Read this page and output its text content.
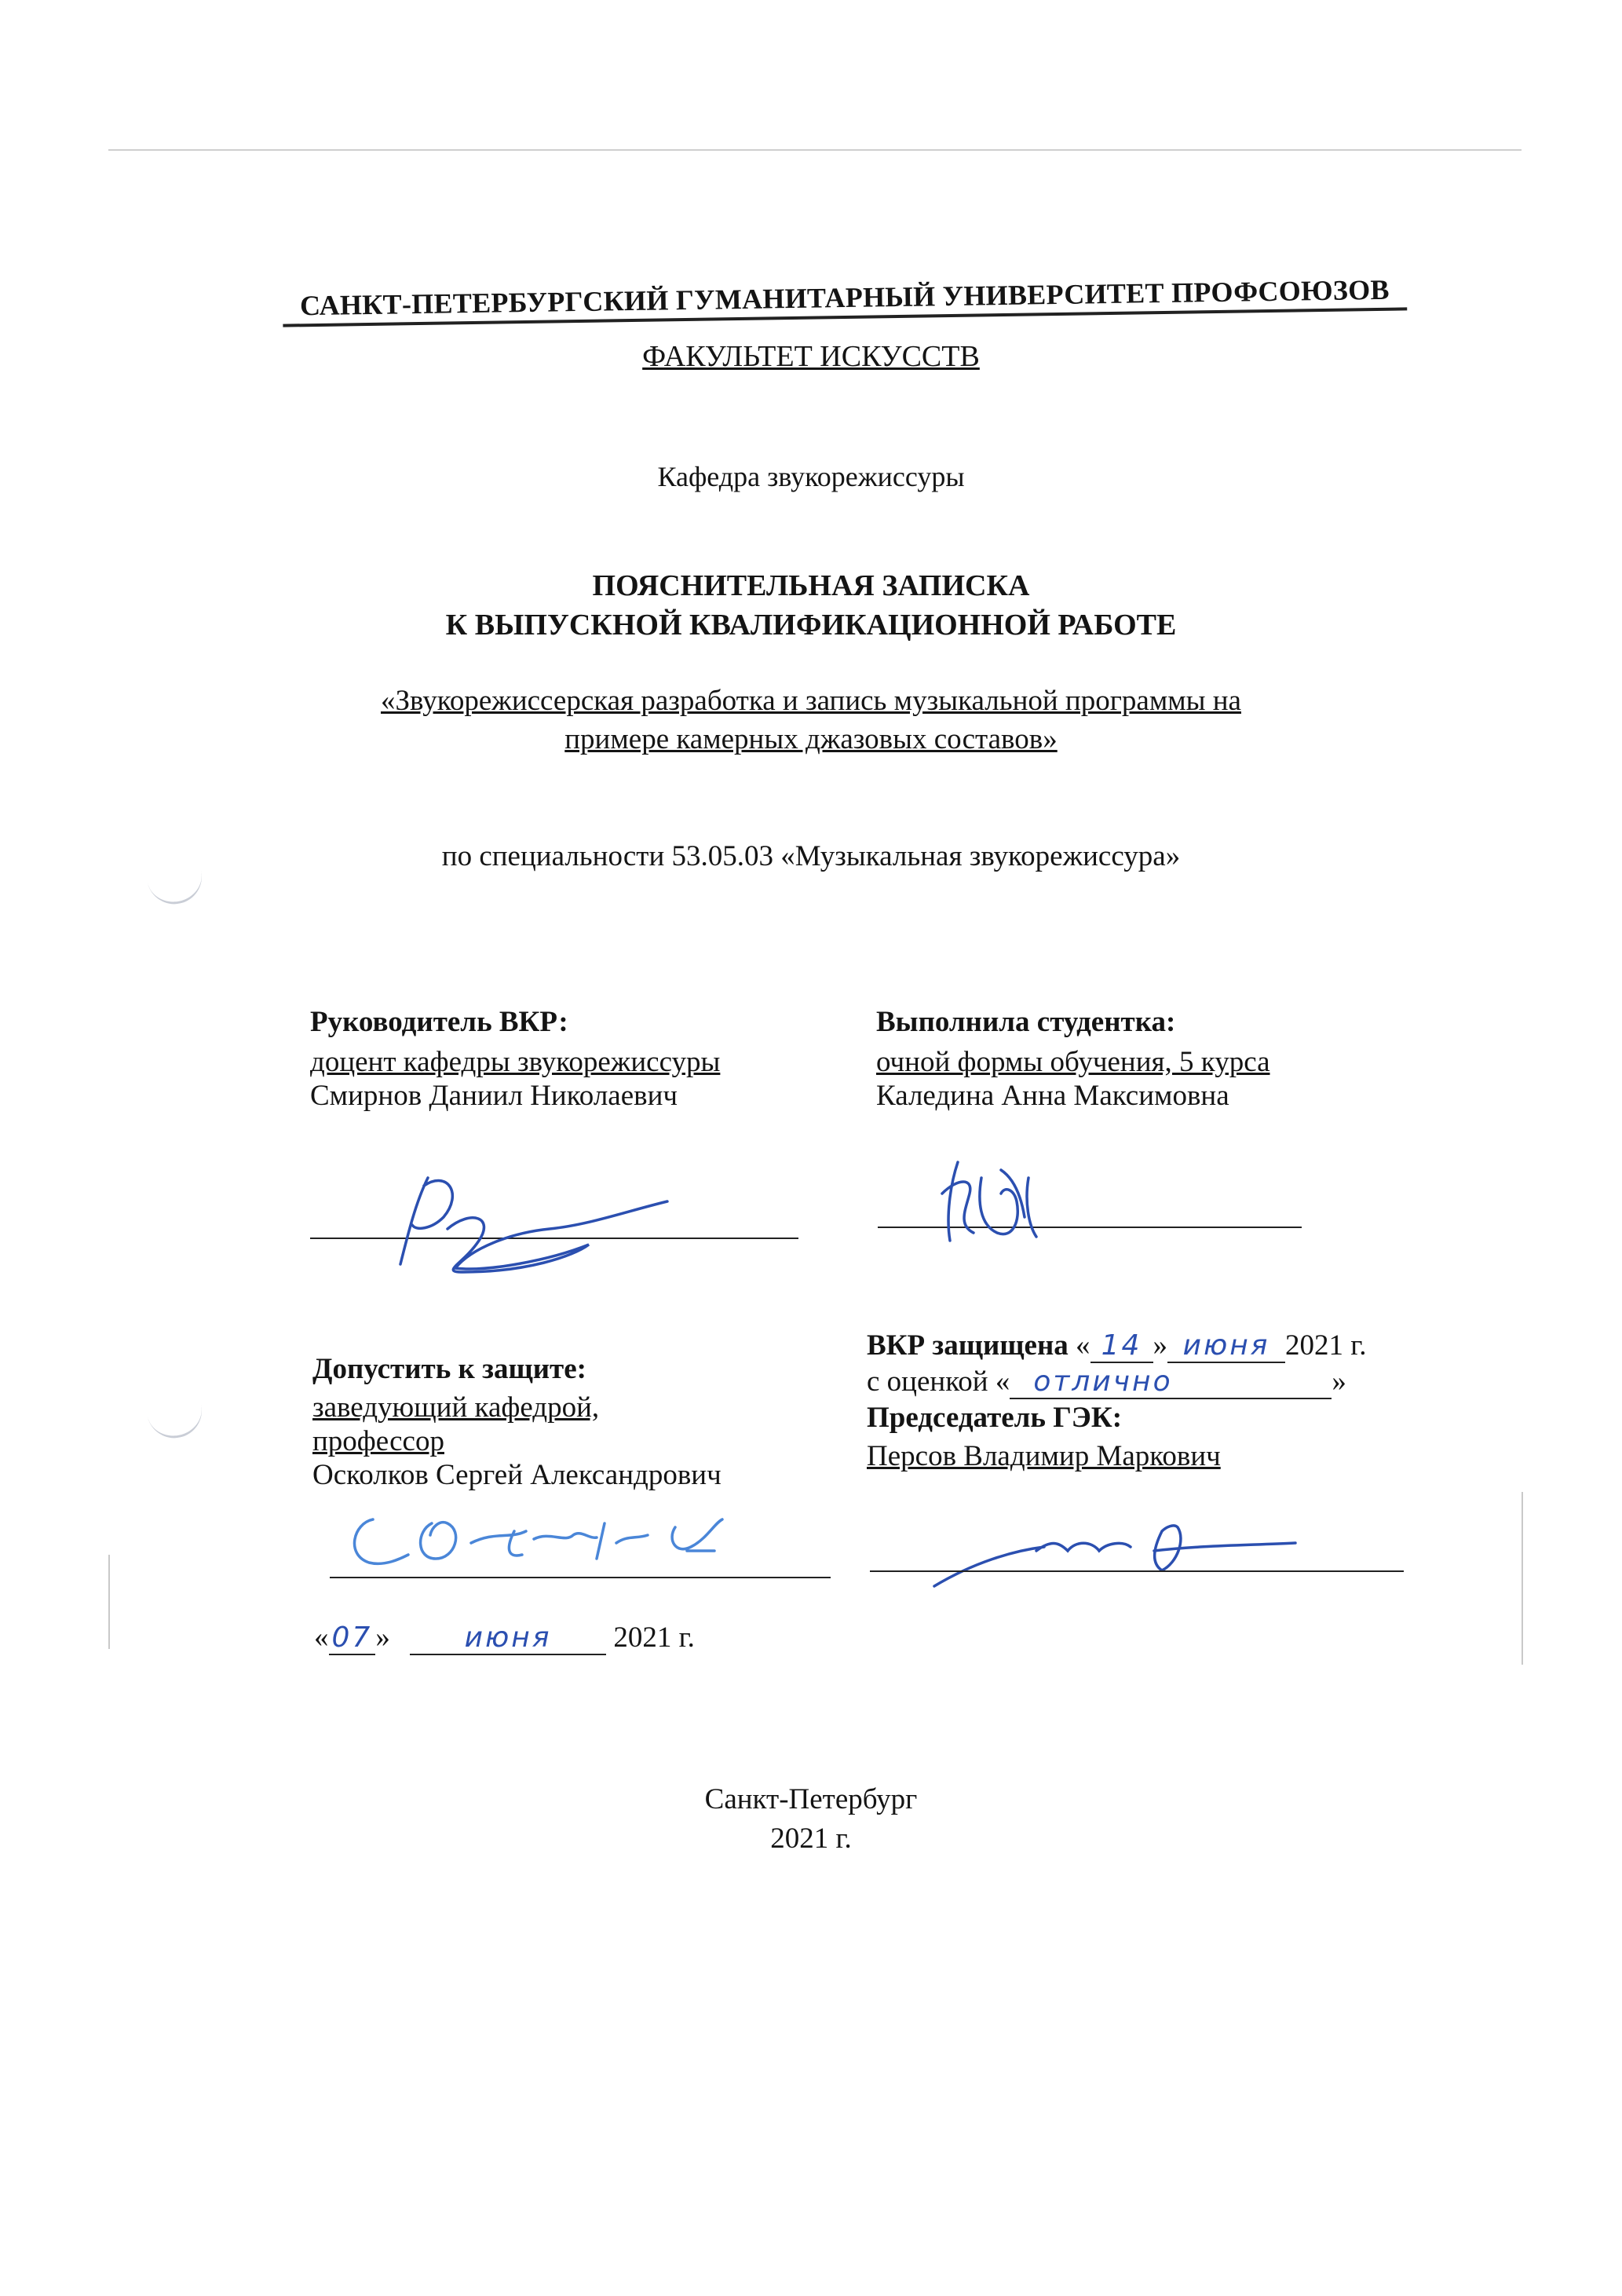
САНКТ-ПЕТЕРБУРГСКИЙ ГУМАНИТАРНЫЙ УНИВЕРСИТЕТ ПРОФСОЮЗОВ
ФАКУЛЬТЕТ ИСКУССТВ
Кафедра звукорежиссуры
ПОЯСНИТЕЛЬНАЯ ЗАПИСКА
К ВЫПУСКНОЙ КВАЛИФИКАЦИОННОЙ РАБОТЕ
«Звукорежиссерская разработка и запись музыкальной программы на
примере камерных джазовых составов»
по специальности 53.05.03 «Музыкальная звукорежиссура»
Руководитель ВКР:
доцент кафедры звукорежиссуры
Смирнов Даниил Николаевич
Выполнила студентка:
очной формы обучения, 5 курса
Каледина Анна Максимовна
Допустить к защите:
заведующий кафедрой,
профессор
Осколков Сергей Александрович
« 07 »	июня 2021 г.
ВКР защищена « 14 » июня 2021 г.
с оценкой « отлично	»
Председатель ГЭК:
Персов Владимир Маркович
Санкт-Петербург
2021 г.
